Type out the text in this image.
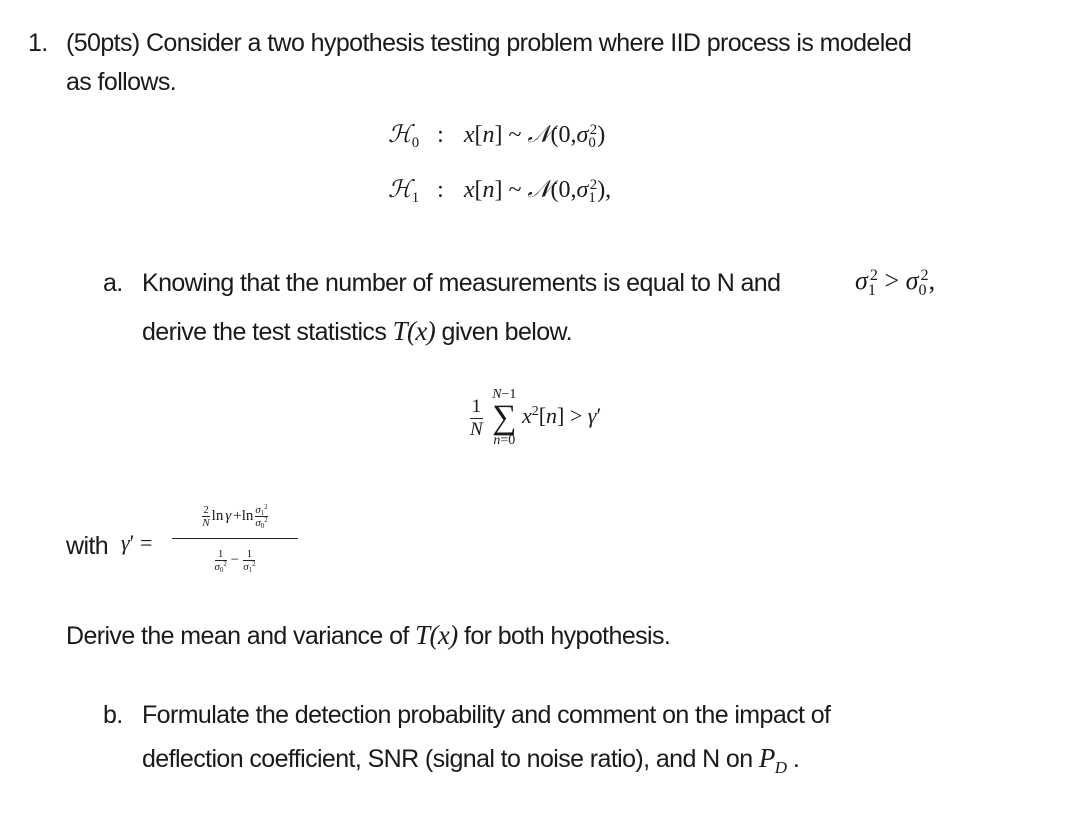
1. (50pts) Consider a two hypothesis testing problem where IID process is modeled
as follows.
ℋ$_0$ : x[n] ~ $𝒩(0,\sigma_0^2)$
ℋ$_1$ : x[n] ~ $𝒩(0,\sigma_1^2)$,
a. Knowing that the number of measurements is equal to N and	$\sigma_1^2 > \sigma_0^2$,
derive the test statistics T(x) given below.
$\frac{1}{N}$

N−1
∑
n=0
$x^2[n] > \gamma'$
with γ′ =
$\frac{2}{N}$ $\ln \gamma +\ln \frac{\sigma_1^2}{\sigma_0^2}$
$\frac{1}{\sigma_0^2} - \frac{1}{\sigma_1^2}$
Derive the mean and variance of T(x) for both hypothesis.
b. Formulate the detection probability and comment on the impact of
deflection coefficient, SNR (signal to noise ratio), and N on $P_D$ .
